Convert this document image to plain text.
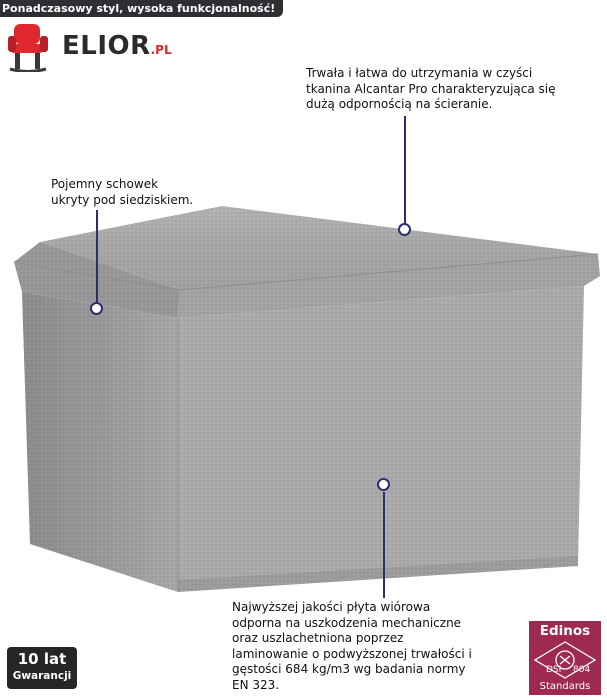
Ponadczasowy styl, wysoka funkcjonalność!
ELIOR.PL
Trwała i łatwa do utrzymania w czyści
tkanina Alcantar Pro charakteryzująca się
dużą odpornością na ścieranie.
Pojemny schowek
ukryty pod siedziskiem.
Najwyższej jakości płyta wiórowa
odporna na uszkodzenia mechaniczne
oraz uszlachetniona poprzez
laminowanie o podwyższonej trwałości i
gęstości 684 kg/m3 wg badania normy
EN 323.
10 lat
Gwarancji
Edinos
DSI 804
Standards
